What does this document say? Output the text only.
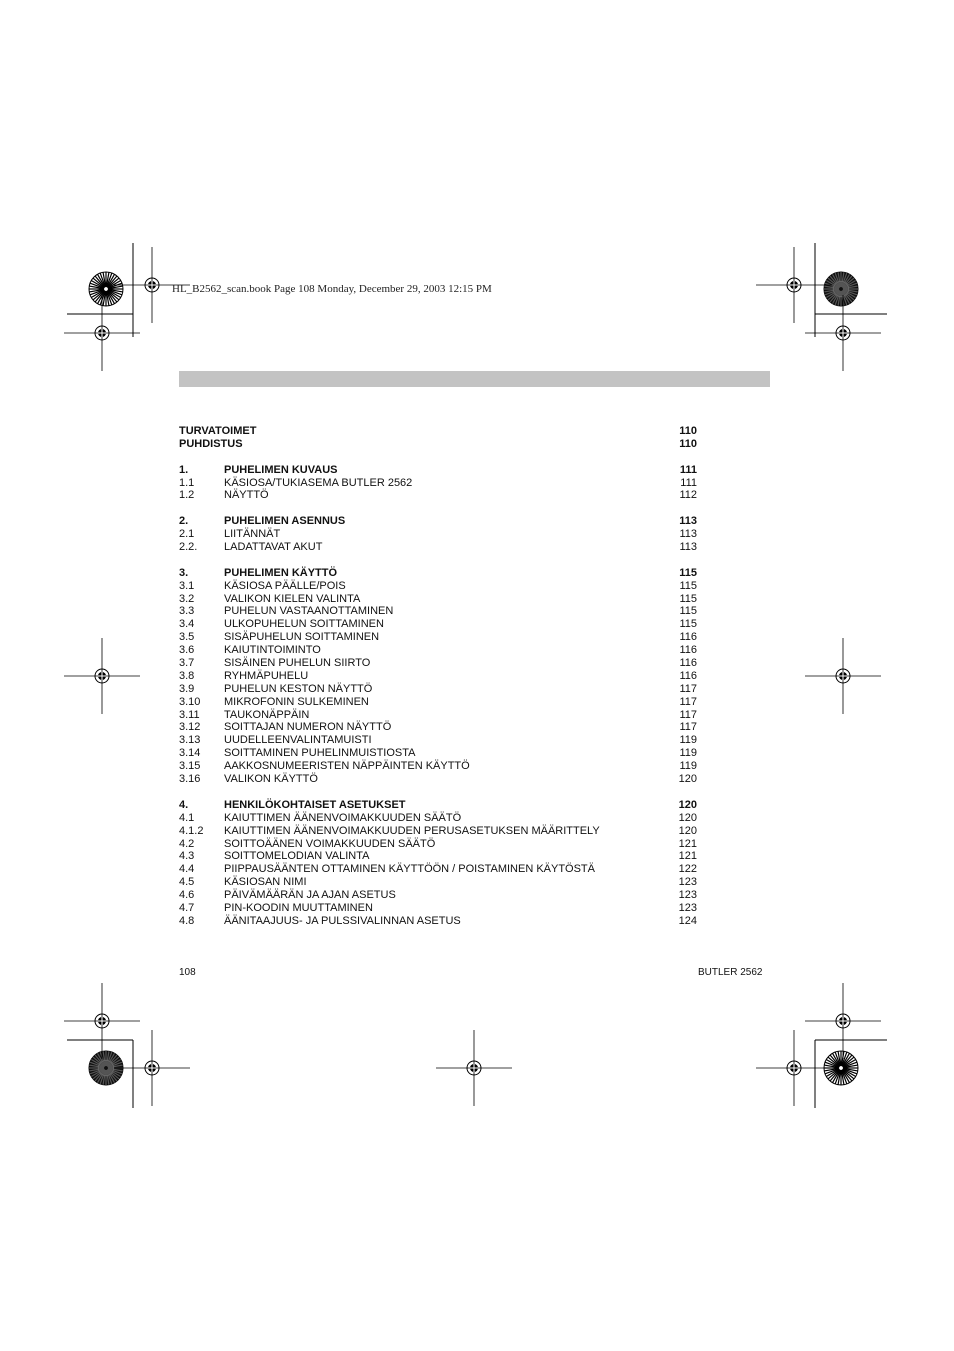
HL_B2562_scan.book Page 108 Monday, December 29, 2003 12:15 PM
TURVATOIMET	110
PUHDISTUS	110
1.	PUHELIMEN KUVAUS	111
1.1	KÄSIOSA/TUKIASEMA BUTLER 2562	111
1.2	NÄYTTÖ	112
2.	PUHELIMEN ASENNUS	113
2.1	LIITÄNNÄT	113
2.2. LADATTAVAT AKUT	113
3.	PUHELIMEN KÄYTTÖ	115
3.1	KÄSIOSA PÄÄLLE/POIS	115
3.2	VALIKON KIELEN VALINTA	115
3.3	PUHELUN VASTAANOTTAMINEN	115
3.4	ULKOPUHELUN SOITTAMINEN	115
3.5	SISÄPUHELUN SOITTAMINEN	116
3.6	KAIUTINTOIMINTO	116
3.7	SISÄINEN PUHELUN SIIRTO	116
3.8	RYHMÄPUHELU	116
3.9	PUHELUN KESTON NÄYTTÖ	117
3.10 MIKROFONIN SULKEMINEN	117
3.11 TAUKONÄPPÄIN	117
3.12 SOITTAJAN NUMERON NÄYTTÖ	117
3.13 UUDELLEENVALINTAMUISTI	119
3.14 SOITTAMINEN PUHELINMUISTIOSTA	119
3.15 AAKKOSNUMEERISTEN NÄPPÄINTEN KÄYTTÖ	119
3.16 VALIKON KÄYTTÖ	120
4.	HENKILÖKOHTAISET ASETUKSET	120
4.1	KAIUTTIMEN ÄÄNENVOIMAKKUUDEN SÄÄTÖ	120
4.1.2 KAIUTTIMEN ÄÄNENVOIMAKKUUDEN PERUSASETUKSEN MÄÄRITTELY	120
4.2	SOITTOÄÄNEN VOIMAKKUUDEN SÄÄTÖ	121
4.3	SOITTOMELODIAN VALINTA	121
4.4	PIIPPAUSÄÄNTEN OTTAMINEN KÄYTTÖÖN / POISTAMINEN KÄYTÖSTÄ	122
4.5	KÄSIOSAN NIMI	123
4.6	PÄIVÄMÄÄRÄN JA AJAN ASETUS	123
4.7	PIN-KOODIN MUUTTAMINEN	123
4.8	ÄÄNITAAJUUS- JA PULSSIVALINNAN ASETUS	124
108	BUTLER 2562
